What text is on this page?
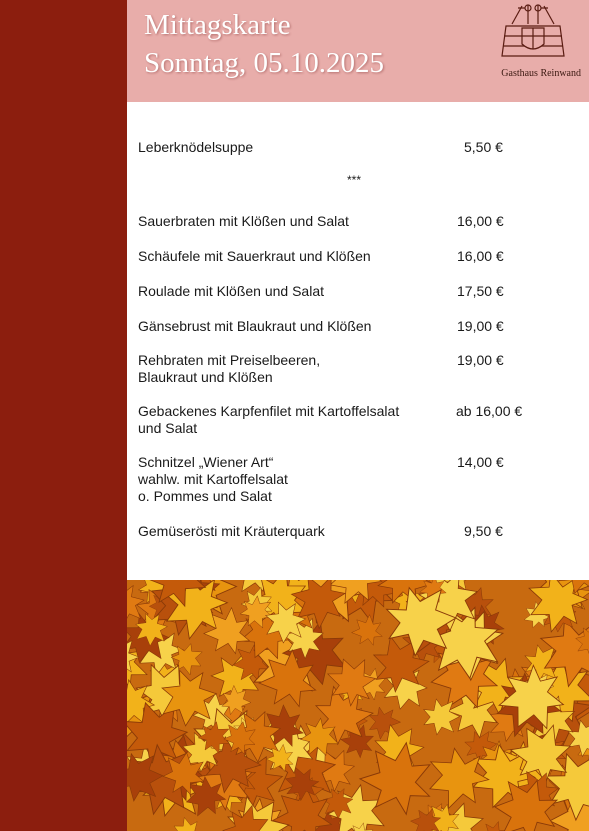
Mittagskarte
Sonntag, 05.10.2025	Gasthaus Reinwand
Leberknödelsuppe	5,50 €
***
Sauerbraten mit Klößen und Salat	16,00 €
Schäufele mit Sauerkraut und Klößen	16,00 €
Roulade mit Klößen und Salat	17,50 €
Gänsebrust mit Blaukraut und Klößen	19,00 €
Rehbraten mit Preiselbeeren,
Blaukraut und Klößen
19,00 €
Gebackenes Karpfenfilet mit Kartoffelsalat
und Salat
ab 16,00 €
Schnitzel „Wiener Art“
wahlw. mit Kartoffelsalat
o. Pommes und Salat
14,00 €
Gemüserösti mit Kräuterquark	9,50 €
